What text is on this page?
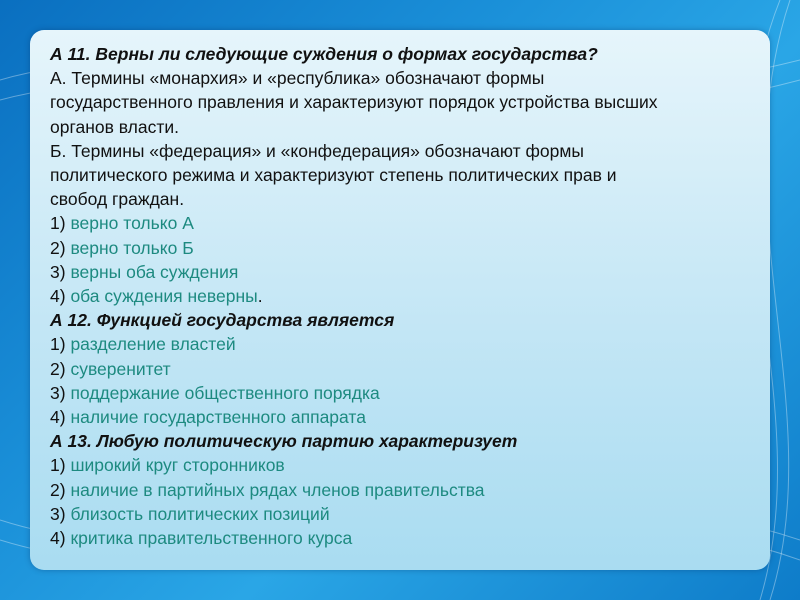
А 11. Верны ли следующие суждения о формах государства?
А. Термины «монархия» и «республика» обозначают формы
государственного правления и характеризуют порядок устройства высших
органов власти.
Б. Термины «федерация» и «конфедерация» обозначают формы
политического режима и характеризуют степень политических прав и
свобод граждан.
1) верно только А
2) верно только Б
3) верны оба суждения
4) оба суждения неверны.
А 12. Функцией государства является
1) разделение властей
2) суверенитет
3) поддержание общественного порядка
4) наличие государственного аппарата
А 13. Любую политическую партию характеризует
1) широкий круг сторонников
2) наличие в партийных рядах членов правительства
3) близость политических позиций
4) критика правительственного курса
